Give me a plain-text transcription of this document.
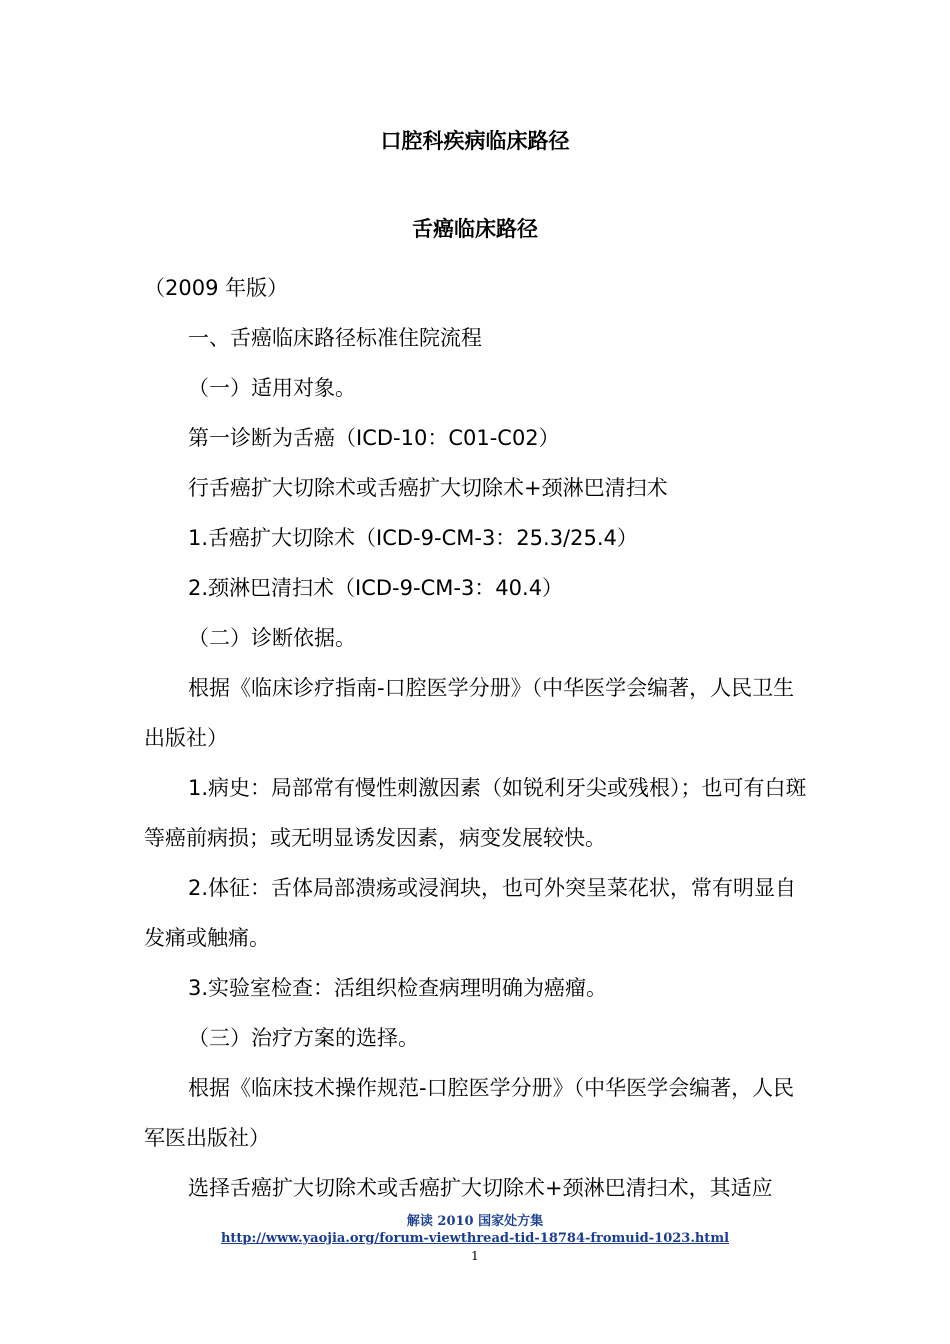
口腔科疾病临床路径
舌癌临床路径

（2009 年版）

一、舌癌临床路径标准住院流程

（一）适用对象。

第一诊断为舌癌（ICD-10：C01-C02）

行舌癌扩大切除术或舌癌扩大切除术+颈淋巴清扫术

1.舌癌扩大切除术（ICD-9-CM-3：25.3/25.4）

2.颈淋巴清扫术（ICD-9-CM-3：40.4）

（二）诊断依据。

根据《临床诊疗指南-口腔医学分册》（中华医学会编著，人民卫生出版社）

1.病史：局部常有慢性刺激因素（如锐利牙尖或残根）；也可有白斑等癌前病损；或无明显诱发因素，病变发展较快。

2.体征：舌体局部溃疡或浸润块，也可外突呈菜花状，常有明显自发痛或触痛。

3.实验室检查：活组织检查病理明确为癌瘤。

（三）治疗方案的选择。

根据《临床技术操作规范-口腔医学分册》（中华医学会编著，人民军医出版社）

选择舌癌扩大切除术或舌癌扩大切除术+颈淋巴清扫术，其适应

解读 2010 国家处方集
http://www.yaojia.org/forum-viewthread-tid-18784-fromuid-1023.html
1
